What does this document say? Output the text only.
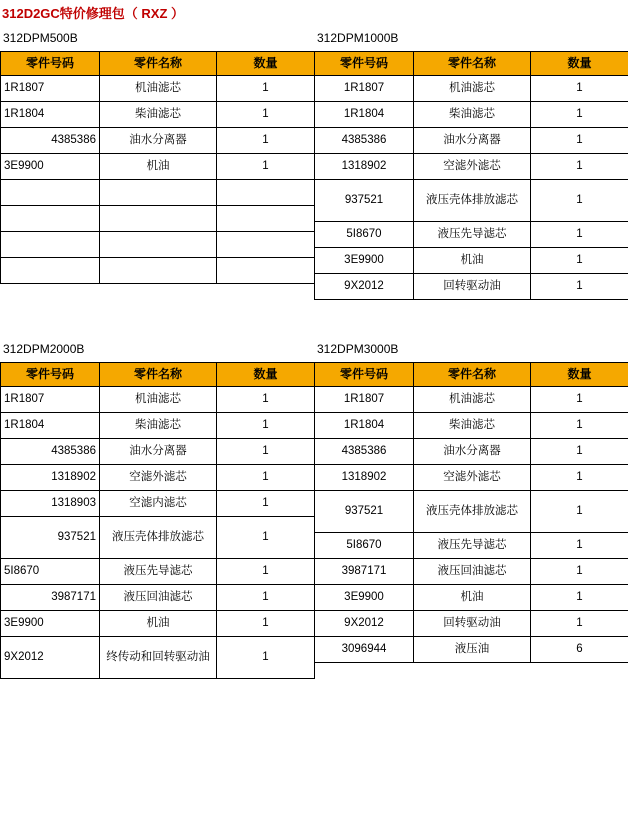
312D2GC特价修理包（ RXZ ）
312DPM500B
零件号码	零件名称	数量
1R1807	机油滤芯	1
1R1804	柴油滤芯	1
4385386	油水分离器	1
3E9900	机油	1

312DPM1000B
零件号码	零件名称	数量
1R1807	机油滤芯	1
1R1804	柴油滤芯	1
4385386	油水分离器	1
1318902	空滤外滤芯	1
937521	液压壳体排放滤芯	1
5I8670	液压先导滤芯	1
3E9900	机油	1
9X2012	回转驱动油	1
312DPM2000B
零件号码	零件名称	数量
1R1807	机油滤芯	1
1R1804	柴油滤芯	1
4385386	油水分离器	1
1318902	空滤外滤芯	1
1318903	空滤内滤芯	1
937521	液压壳体排放滤芯	1
5I8670	液压先导滤芯	1
3987171	液压回油滤芯	1
3E9900	机油	1
9X2012	终传动和回转驱动油	1
312DPM3000B
零件号码	零件名称	数量
1R1807	机油滤芯	1
1R1804	柴油滤芯	1
4385386	油水分离器	1
1318902	空滤外滤芯	1
937521	液压壳体排放滤芯	1
5I8670	液压先导滤芯	1
3987171	液压回油滤芯	1
3E9900	机油	1
9X2012	回转驱动油	1
3096944	液压油	6
